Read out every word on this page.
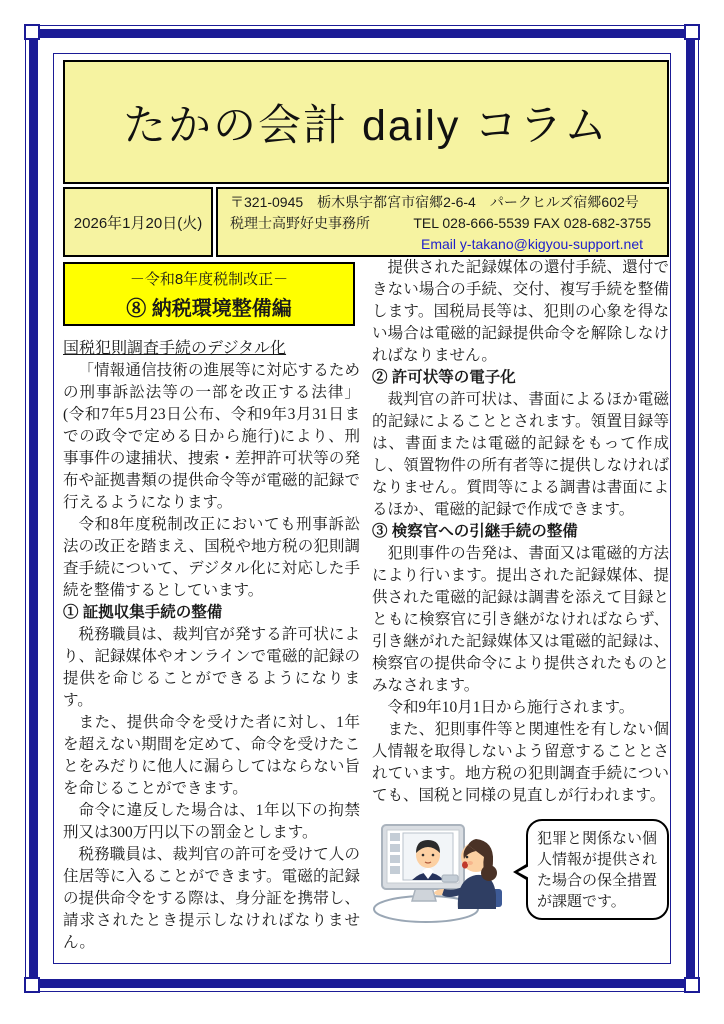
たかの会計 daily コラム
2026年1月20日(火)
〒321-0945　栃木県宇都宮市宿郷2-6-4　パークヒルズ宿郷602号
税理士高野好史事務所	TEL 028-666-5539 FAX 028-682-3755
Email y-takano@kigyou-support.net
－令和8年度税制改正－
⑧ 納税環境整備編

国税犯則調査手続のデジタル化

「情報通信技術の進展等に対応するための刑事訴訟法等の一部を改正する法律」(令和7年5月23日公布、令和9年3月31日までの政令で定める日から施行)により、刑事事件の逮捕状、捜索・差押許可状等の発布や証拠書類の提供命令等が電磁的記録で行えるようになります。

令和8年度税制改正においても刑事訴訟法の改正を踏まえ、国税や地方税の犯則調査手続について、デジタル化に対応した手続を整備するとしています。

① 証拠収集手続の整備

税務職員は、裁判官が発する許可状により、記録媒体やオンラインで電磁的記録の提供を命じることができるようになります。

また、提供命令を受けた者に対し、1年を超えない期間を定めて、命令を受けたことをみだりに他人に漏らしてはならない旨を命じることができます。

命令に違反した場合は、1年以下の拘禁刑又は300万円以下の罰金とします。

税務職員は、裁判官の許可を受けて人の住居等に入ることができます。電磁的記録の提供命令をする際は、身分証を携帯し、請求されたとき提示しなければなりません。

提供された記録媒体の還付手続、還付できない場合の手続、交付、複写手続を整備します。国税局長等は、犯則の心象を得ない場合は電磁的記録提供命令を解除しなければなりません。

② 許可状等の電子化

裁判官の許可状は、書面によるほか電磁的記録によることとされます。領置目録等は、書面または電磁的記録をもって作成し、領置物件の所有者等に提供しなければなりません。質問等による調書は書面によるほか、電磁的記録で作成できます。

③ 検察官への引継手続の整備

犯則事件の告発は、書面又は電磁的方法により行います。提出された記録媒体、提供された電磁的記録は調書を添えて目録とともに検察官に引き継がなければならず、引き継がれた記録媒体又は電磁的記録は、検察官の提供命令により提供されたものとみなされます。

令和9年10月1日から施行されます。

また、犯則事件等と関連性を有しない個人情報を取得しないよう留意することとされています。地方税の犯則調査手続についても、国税と同様の見直しが行われます。

犯罪と関係ない個人情報が提供された場合の保全措置が課題です。
